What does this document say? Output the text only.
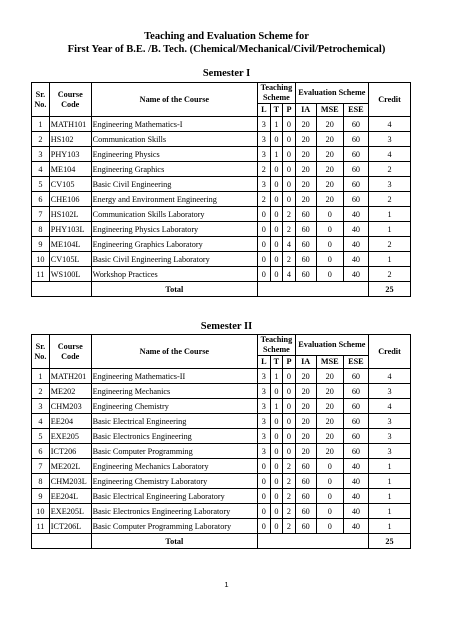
Teaching and Evaluation Scheme for
First Year of B.E. /B. Tech. (Chemical/Mechanical/Civil/Petrochemical)
Semester I
Sr. No.	Course Code	Name of the Course	Teaching Scheme			Evaluation Scheme			Credit
			L	T	P	IA	MSE	ESE	
1	MATH101	Engineering Mathematics-I	3	1	0	20	20	60	4
2	HS102	Communication Skills	3	0	0	20	20	60	3
3	PHY103	Engineering Physics	3	1	0	20	20	60	4
4	ME104	Engineering Graphics	2	0	0	20	20	60	2
5	CV105	Basic Civil Engineering	3	0	0	20	20	60	3
6	CHE106	Energy and Environment Engineering	2	0	0	20	20	60	2
7	HS102L	Communication Skills Laboratory	0	0	2	60	0	40	1
8	PHY103L	Engineering Physics Laboratory	0	0	2	60	0	40	1
9	ME104L	Engineering Graphics Laboratory	0	0	4	60	0	40	2
10	CV105L	Basic Civil Engineering Laboratory	0	0	2	60	0	40	1
11	WS100L	Workshop Practices	0	0	4	60	0	40	2
		Total							25
Semester II
Sr. No.	Course Code	Name of the Course	Teaching Scheme			Evaluation Scheme			Credit
			L	T	P	IA	MSE	ESE	
1	MATH201	Engineering Mathematics-II	3	1	0	20	20	60	4
2	ME202	Engineering Mechanics	3	0	0	20	20	60	3
3	CHM203	Engineering Chemistry	3	1	0	20	20	60	4
4	EE204	Basic Electrical Engineering	3	0	0	20	20	60	3
5	EXE205	Basic Electronics Engineering	3	0	0	20	20	60	3
6	ICT206	Basic Computer Programming	3	0	0	20	20	60	3
7	ME202L	Engineering Mechanics Laboratory	0	0	2	60	0	40	1
8	CHM203L	Engineering Chemistry Laboratory	0	0	2	60	0	40	1
9	EE204L	Basic Electrical Engineering Laboratory	0	0	2	60	0	40	1
10	EXE205L	Basic Electronics Engineering Laboratory	0	0	2	60	0	40	1
11	ICT206L	Basic Computer Programming Laboratory	0	0	2	60	0	40	1
		Total							25
1
